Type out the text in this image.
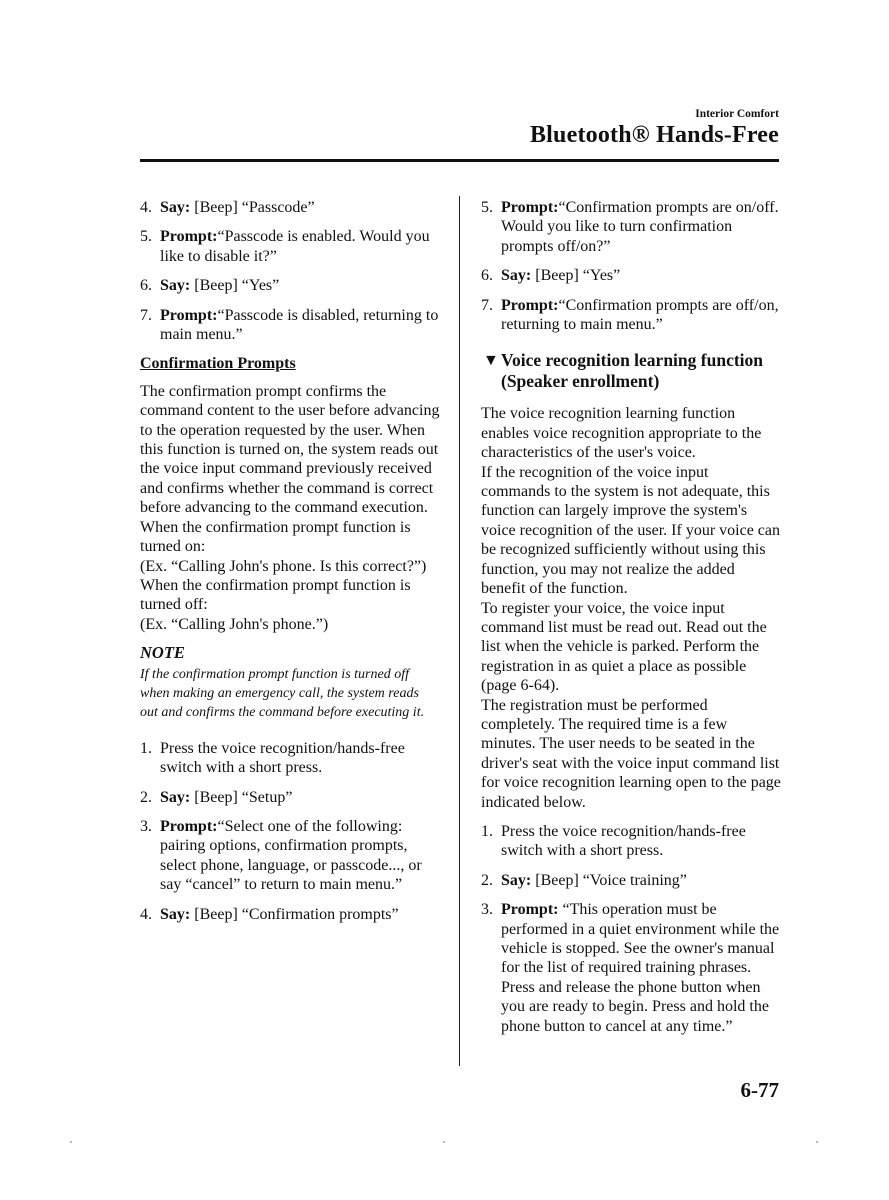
Interior Comfort
Bluetooth® Hands-Free
4. Say: [Beep] “Passcode”
5. Prompt:“Passcode is enabled. Would you like to disable it?”
6. Say: [Beep] “Yes”
7. Prompt:“Passcode is disabled, returning to main menu.”
Confirmation Prompts

The confirmation prompt confirms the command content to the user before advancing to the operation requested by the user. When this function is turned on, the system reads out the voice input command previously received and confirms whether the command is correct before advancing to the command execution.

When the confirmation prompt function is turned on:

(Ex. “Calling John's phone. Is this correct?”)

When the confirmation prompt function is turned off:

(Ex. “Calling John's phone.”)

NOTE
If the confirmation prompt function is turned off when making an emergency call, the system reads out and confirms the command before executing it.
1. Press the voice recognition/hands-free switch with a short press.
2. Say: [Beep] “Setup”
3. Prompt:“Select one of the following: pairing options, confirmation prompts, select phone, language, or passcode..., or say “cancel” to return to main menu.”
4. Say: [Beep] “Confirmation prompts”
5. Prompt:“Confirmation prompts are on/off. Would you like to turn confirmation prompts off/on?”
6. Say: [Beep] “Yes”
7. Prompt:“Confirmation prompts are off/on, returning to main menu.”
▼ Voice recognition learning function (Speaker enrollment)

The voice recognition learning function enables voice recognition appropriate to the characteristics of the user's voice.

If the recognition of the voice input commands to the system is not adequate, this function can largely improve the system's voice recognition of the user. If your voice can be recognized sufficiently without using this function, you may not realize the added benefit of the function.

To register your voice, the voice input command list must be read out. Read out the list when the vehicle is parked. Perform the registration in as quiet a place as possible (page 6-64).

The registration must be performed completely. The required time is a few minutes. The user needs to be seated in the driver's seat with the voice input command list for voice recognition learning open to the page indicated below.

1. Press the voice recognition/hands-free switch with a short press.
2. Say: [Beep] “Voice training”
3. Prompt: “This operation must be performed in a quiet environment while the vehicle is stopped. See the owner's manual for the list of required training phrases. Press and release the phone button when you are ready to begin. Press and hold the phone button to cancel at any time.”
6-77
